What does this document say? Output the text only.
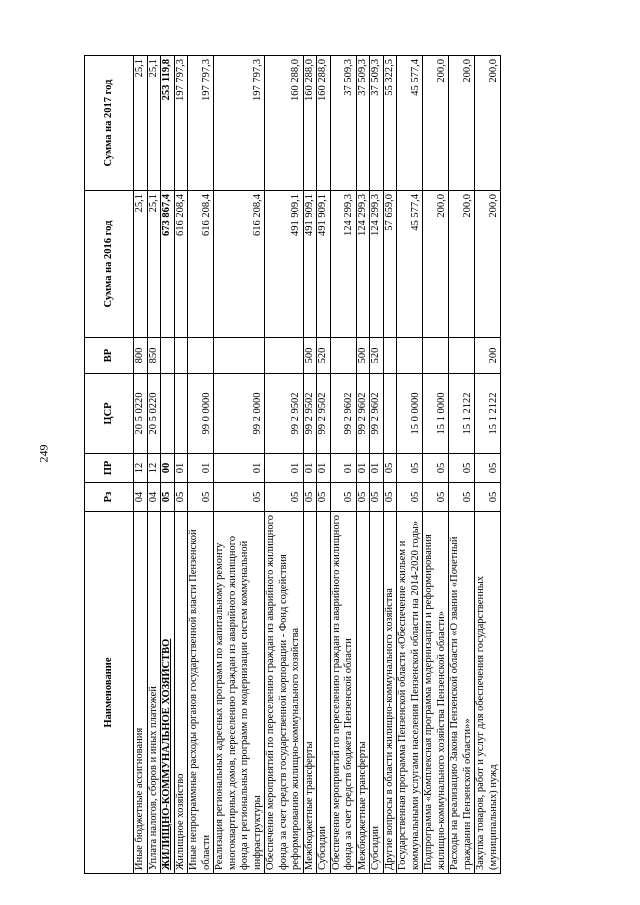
249
Наименование	Рз	ПР	ЦСР	ВР	Сумма на 2016 год	Сумма на 2017 год
Иные бюджетные ассигнования	04	12	20 5 0220	800	25,1	25,1
Уплата налогов, сборов и иных платежей	04	12	20 5 0220	850	25,1	25,1
ЖИЛИЩНО-КОММУНАЛЬНОЕ ХОЗЯЙСТВО	05	00			673 867,4	253 119,8
Жилищное хозяйство	05	01			616 208,4	197 797,3
Иные непрограммные расходы органов государственной власти Пензенской области	05	01	99 0 0000		616 208,4	197 797,3
Реализация региональных адресных программ по капитальному ремонту многоквартирных домов, переселению граждан из аварийного жилищного фонда и региональных программ по модернизации систем коммунальной инфраструктуры	05	01	99 2 0000		616 208,4	197 797,3
Обеспечение мероприятий по переселению граждан из аварийного жилищного фонда за счет средств государственной корпорации - Фонд содействия реформированию жилищно-коммунального хозяйства	05	01	99 2 9502		491 909,1	160 288,0
Межбюджетные трансферты	05	01	99 2 9502	500	491 909,1	160 288,0
Субсидии	05	01	99 2 9502	520	491 909,1	160 288,0
Обеспечение мероприятий по переселению граждан из аварийного жилищного фонда за счет средств бюджета Пензенской области	05	01	99 2 9602		124 299,3	37 509,3
Межбюджетные трансферты	05	01	99 2 9602	500	124 299,3	37 509,3
Субсидии	05	01	99 2 9602	520	124 299,3	37 509,3
Другие вопросы в области жилищно-коммунального хозяйства	05	05			57 659,0	55 322,5
Государственная программа Пензенской области «Обеспечение жильем и коммунальными услугами населения Пензенской области на 2014-2020 годы»	05	05	15 0 0000		45 577,4	45 577,4
Подпрограмма «Комплексная программа модернизации и реформирования жилищно-коммунального хозяйства Пензенской области»	05	05	15 1 0000		200,0	200,0
Расходы на реализацию Закона Пензенской области «О звании «Почетный гражданин Пензенской области»»	05	05	15 1 2122		200,0	200,0
Закупка товаров, работ и услуг для обеспечения государственных (муниципальных) нужд	05	05	15 1 2122	200	200,0	200,0
